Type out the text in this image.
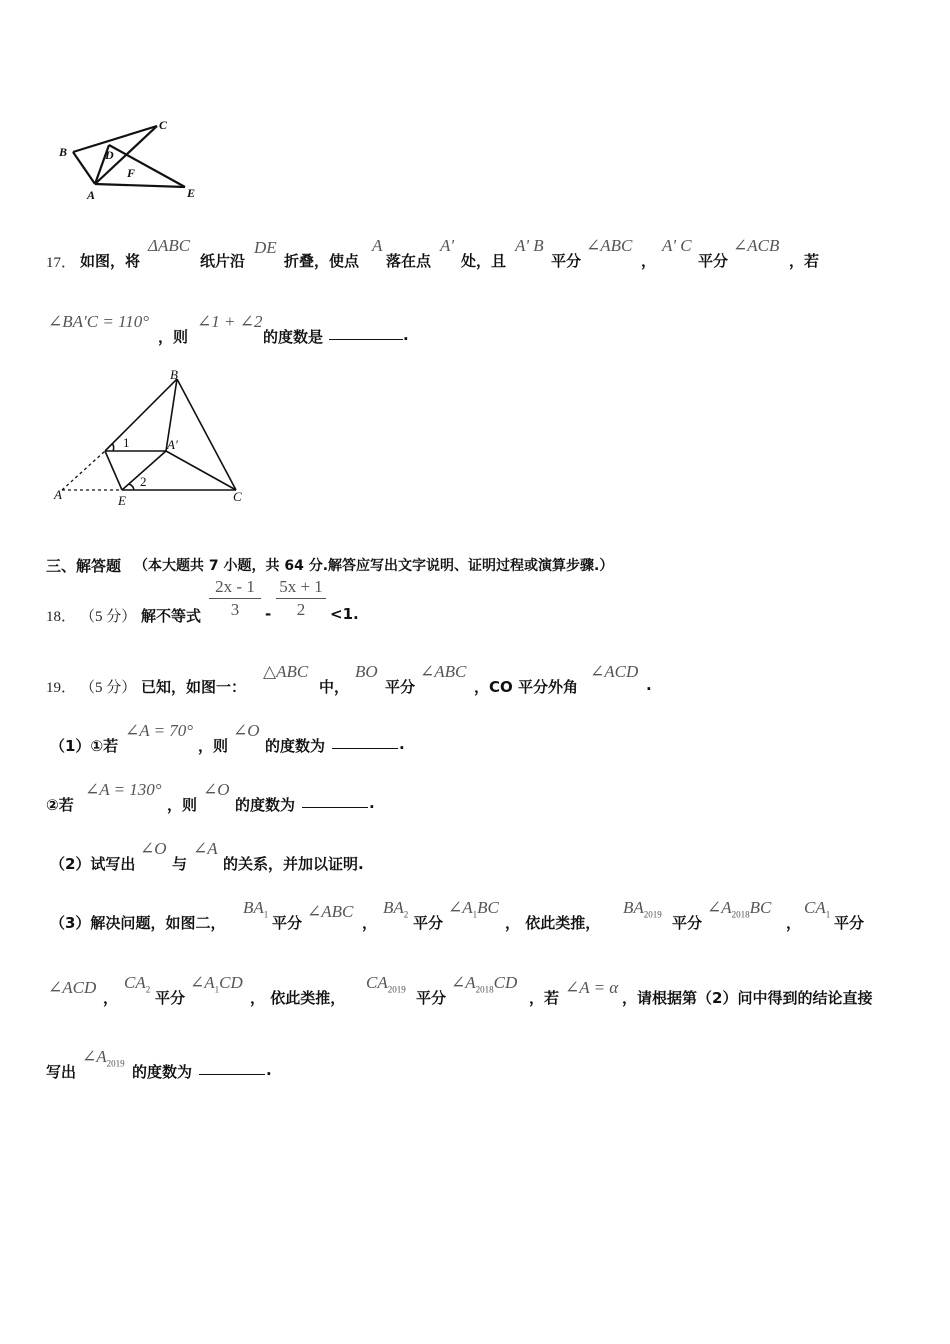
B
C
D
F
A	E
17． 如图，将
ΔABC
纸片沿
DE
折叠，使点
A
落在点
A'
处，且
A' B
平分
∠ABC
，
A' C
平分
∠ACB
，若
∠BA′C = 110°
，则
∠1 + ∠2
的度数是	.
B
A′
1
2
A	E	C
三、解答题 （本大题共 7 小题，共 64 分.解答应写出文字说明、证明过程或演算步骤.）
18． （5 分） 解不等式
2x - 1
3	-
5x + 1
2	<1.
19． （5 分） 已知，如图一：
△ABC
中，
BO
平分
∠ABC
，CO 平分外角
∠ACD
.
（1）①若
∠A = 70°
，则
∠O
的度数为	.
②若
∠A = 130°
，则
∠O
的度数为	.
（2）试写出
∠O
与
∠A
的关系，并加以证明.
（3）解决问题，如图二，
$BA_1$ 平分
∠ABC
，
$BA_2$ 平分
$\angle A_1BC$
， 依此类推，
$BA_{2019}$ 平分
$\angle A_{2018}BC$
，
$CA_1$ 平分
∠ACD
，
$CA_2$ 平分
$\angle A_1CD$
， 依此类推，
$CA_{2019}$ 平分
$\angle A_{2018}CD$
，若
∠A = α
，请根据第（2）问中得到的结论直接
写出
$\angle A_{2019}$ 的度数为	.
